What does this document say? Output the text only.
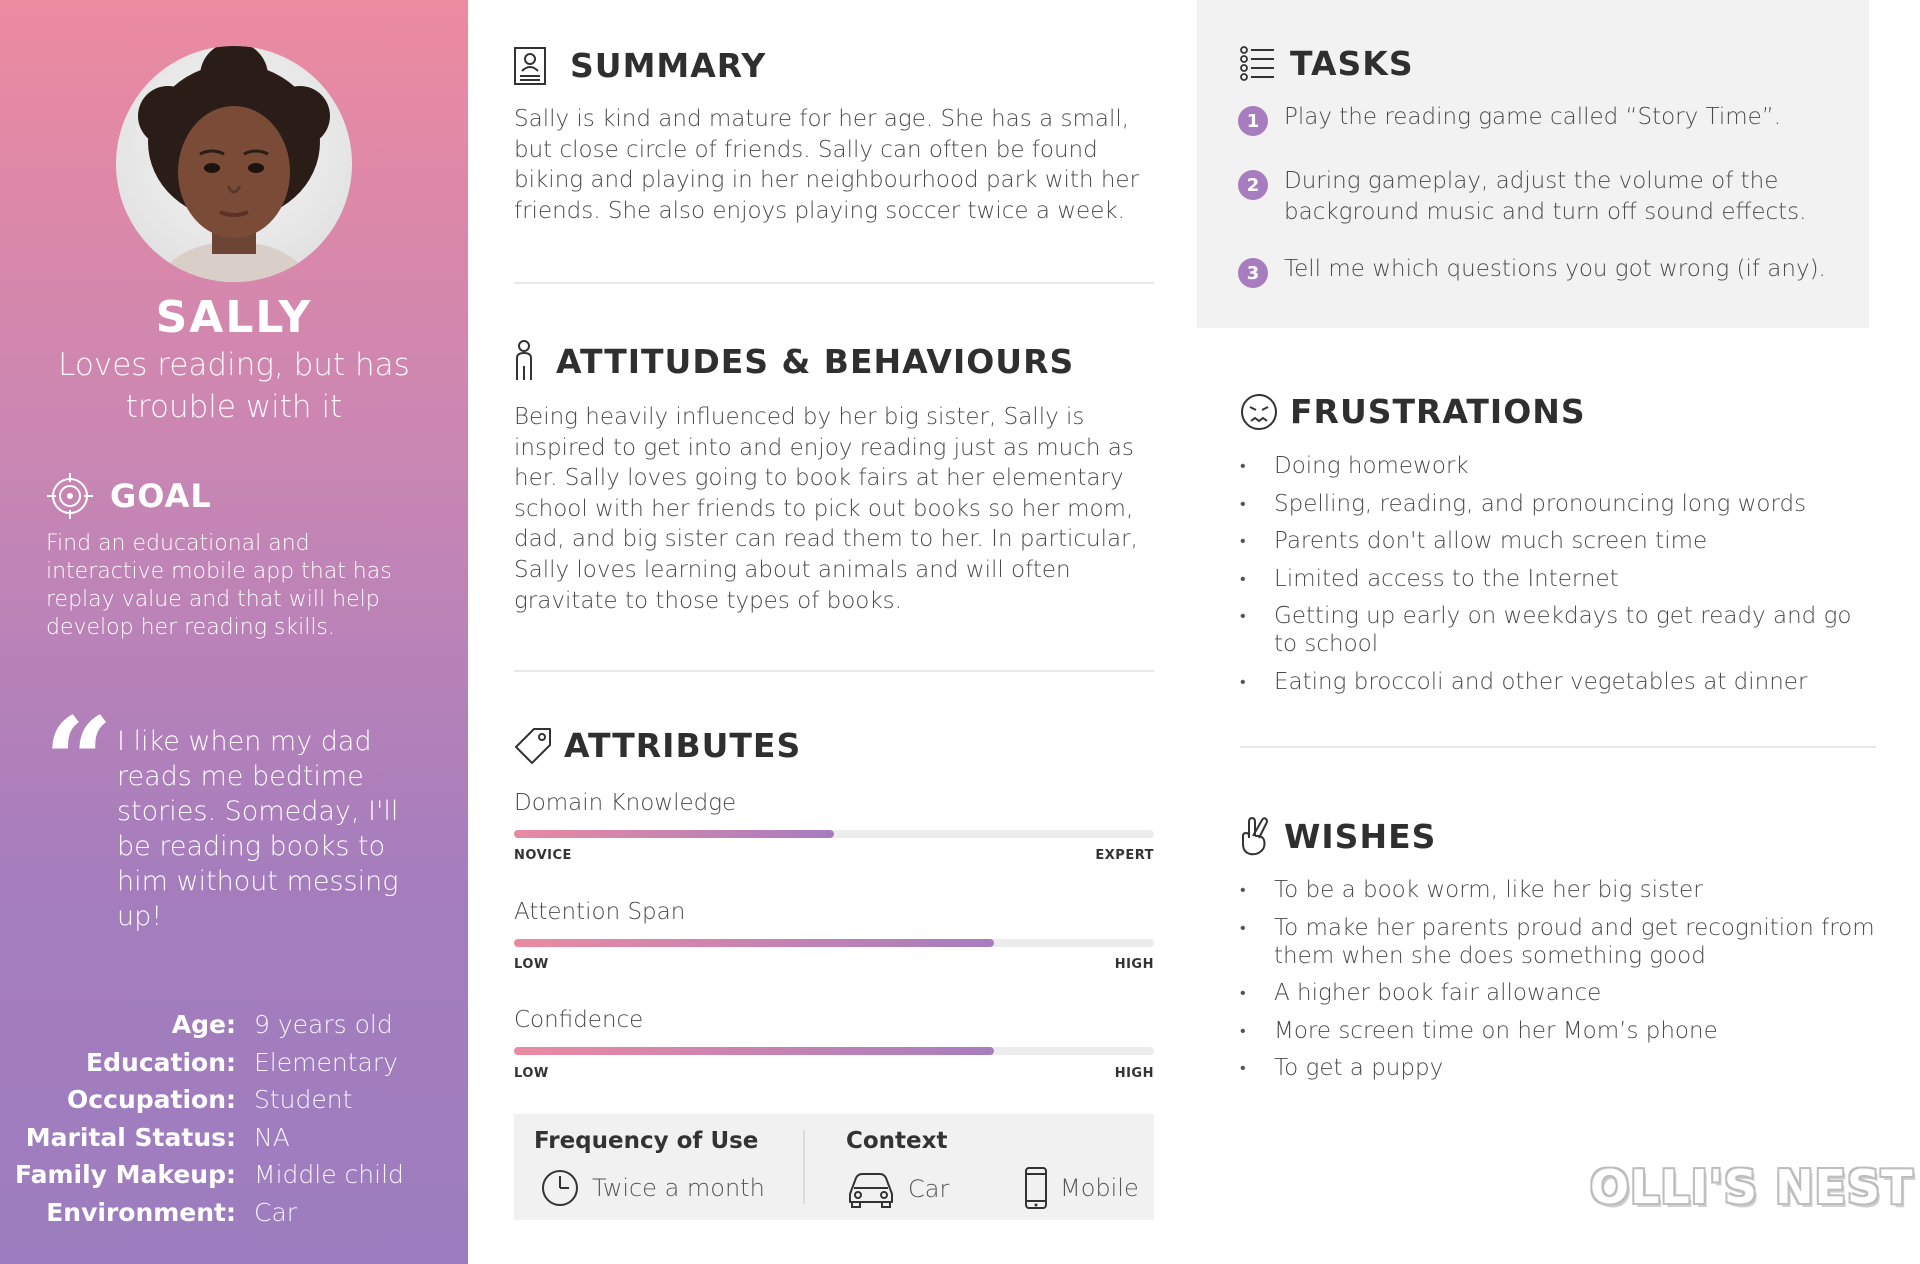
SALLY
Loves reading, but has trouble with it
GOAL
Find an educational and interactive mobile app that has replay value and that will help develop her reading skills.
“ I like when my dad reads me bedtime stories. Someday, I'll be reading books to him without messing up!
Age: 9 years old
Education: Elementary
Occupation: Student
Marital Status: NA
Family Makeup: Middle child
Environment: Car
SUMMARY
Sally is kind and mature for her age. She has a small, but close circle of friends. Sally can often be found biking and playing in her neighbourhood park with her friends. She also enjoys playing soccer twice a week.
ATTITUDES & BEHAVIOURS
Being heavily influenced by her big sister, Sally is inspired to get into and enjoy reading just as much as her. Sally loves going to book fairs at her elementary school with her friends to pick out books so her mom, dad, and big sister can read them to her. In particular, Sally loves learning about animals and will often gravitate to those types of books.
ATTRIBUTES
Domain Knowledge
NOVICE	EXPERT
Attention Span
LOW	HIGH
Confidence
LOW	HIGH
Frequency of Use
Twice a month
Context
Car	Mobile
TASKS
1	Play the reading game called “Story Time”.
2	During gameplay, adjust the volume of the background music and turn off sound effects.
3	Tell me which questions you got wrong (if any).
FRUSTRATIONS
• Doing homework
• Spelling, reading, and pronouncing long words
• Parents don't allow much screen time
• Limited access to the Internet
• Getting up early on weekdays to get ready and go to school
• Eating broccoli and other vegetables at dinner
WISHES
• To be a book worm, like her big sister
• To make her parents proud and get recognition from them when she does something good
• A higher book fair allowance
• More screen time on her Mom’s phone
• To get a puppy
OLLI'S NEST
